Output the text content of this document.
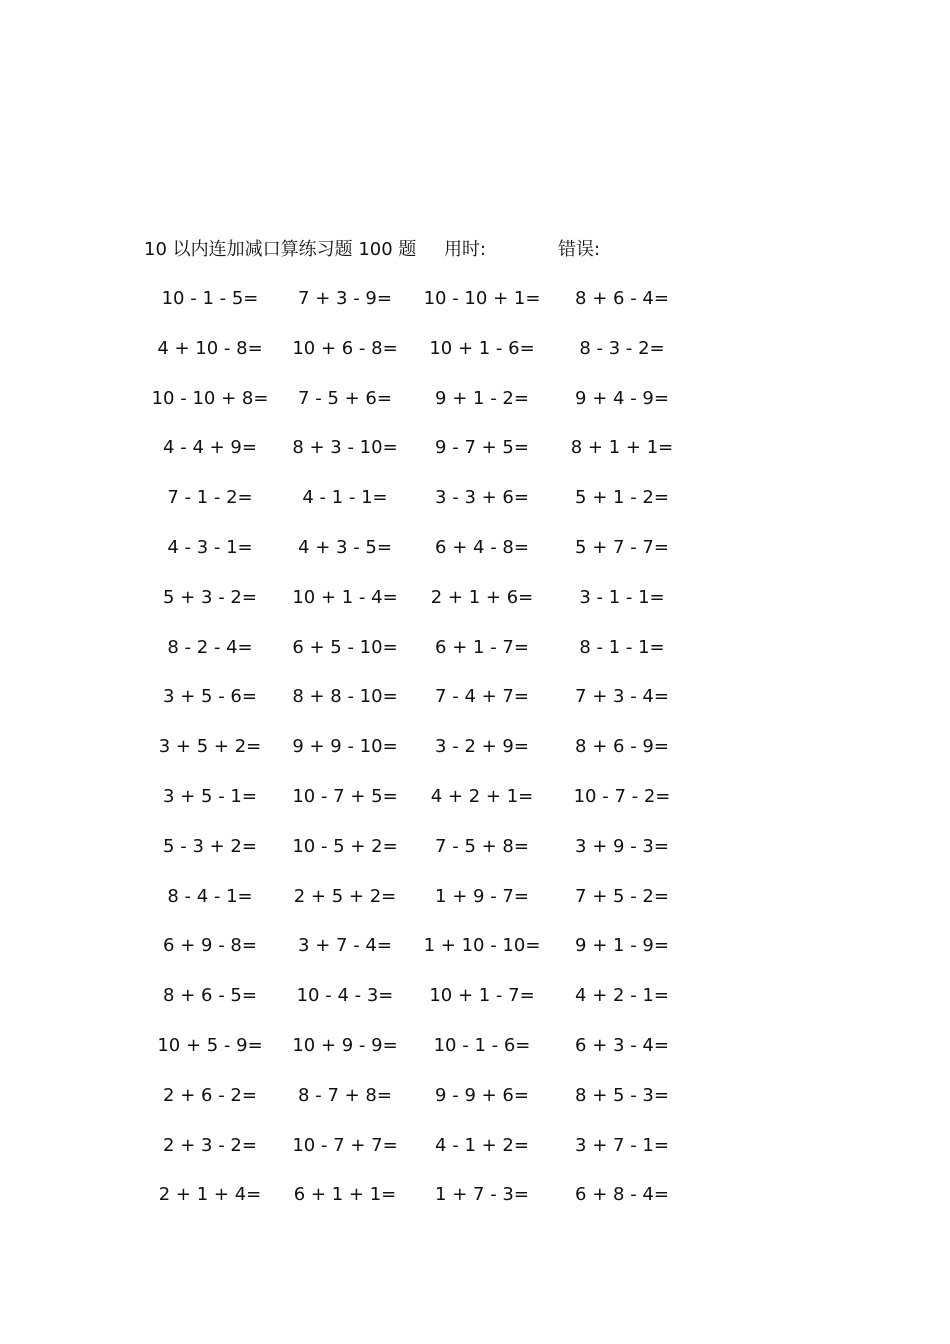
10 以内连加减口算练习题 100 题 用时:	错误:
10 - 1 - 5=	7 + 3 - 9=	10 - 10 + 1=	8 + 6 - 4=
4 + 10 - 8=	10 + 6 - 8=	10 + 1 - 6=	8 - 3 - 2=
10 - 10 + 8=	7 - 5 + 6=	9 + 1 - 2=	9 + 4 - 9=
4 - 4 + 9=	8 + 3 - 10=	9 - 7 + 5=	8 + 1 + 1=
7 - 1 - 2=	4 - 1 - 1=	3 - 3 + 6=	5 + 1 - 2=
4 - 3 - 1=	4 + 3 - 5=	6 + 4 - 8=	5 + 7 - 7=
5 + 3 - 2=	10 + 1 - 4=	2 + 1 + 6=	3 - 1 - 1=
8 - 2 - 4=	6 + 5 - 10=	6 + 1 - 7=	8 - 1 - 1=
3 + 5 - 6=	8 + 8 - 10=	7 - 4 + 7=	7 + 3 - 4=
3 + 5 + 2=	9 + 9 - 10=	3 - 2 + 9=	8 + 6 - 9=
3 + 5 - 1=	10 - 7 + 5=	4 + 2 + 1=	10 - 7 - 2=
5 - 3 + 2=	10 - 5 + 2=	7 - 5 + 8=	3 + 9 - 3=
8 - 4 - 1=	2 + 5 + 2=	1 + 9 - 7=	7 + 5 - 2=
6 + 9 - 8=	3 + 7 - 4=	1 + 10 - 10=	9 + 1 - 9=
8 + 6 - 5=	10 - 4 - 3=	10 + 1 - 7=	4 + 2 - 1=
10 + 5 - 9=	10 + 9 - 9=	10 - 1 - 6=	6 + 3 - 4=
2 + 6 - 2=	8 - 7 + 8=	9 - 9 + 6=	8 + 5 - 3=
2 + 3 - 2=	10 - 7 + 7=	4 - 1 + 2=	3 + 7 - 1=
2 + 1 + 4=	6 + 1 + 1=	1 + 7 - 3=	6 + 8 - 4=
